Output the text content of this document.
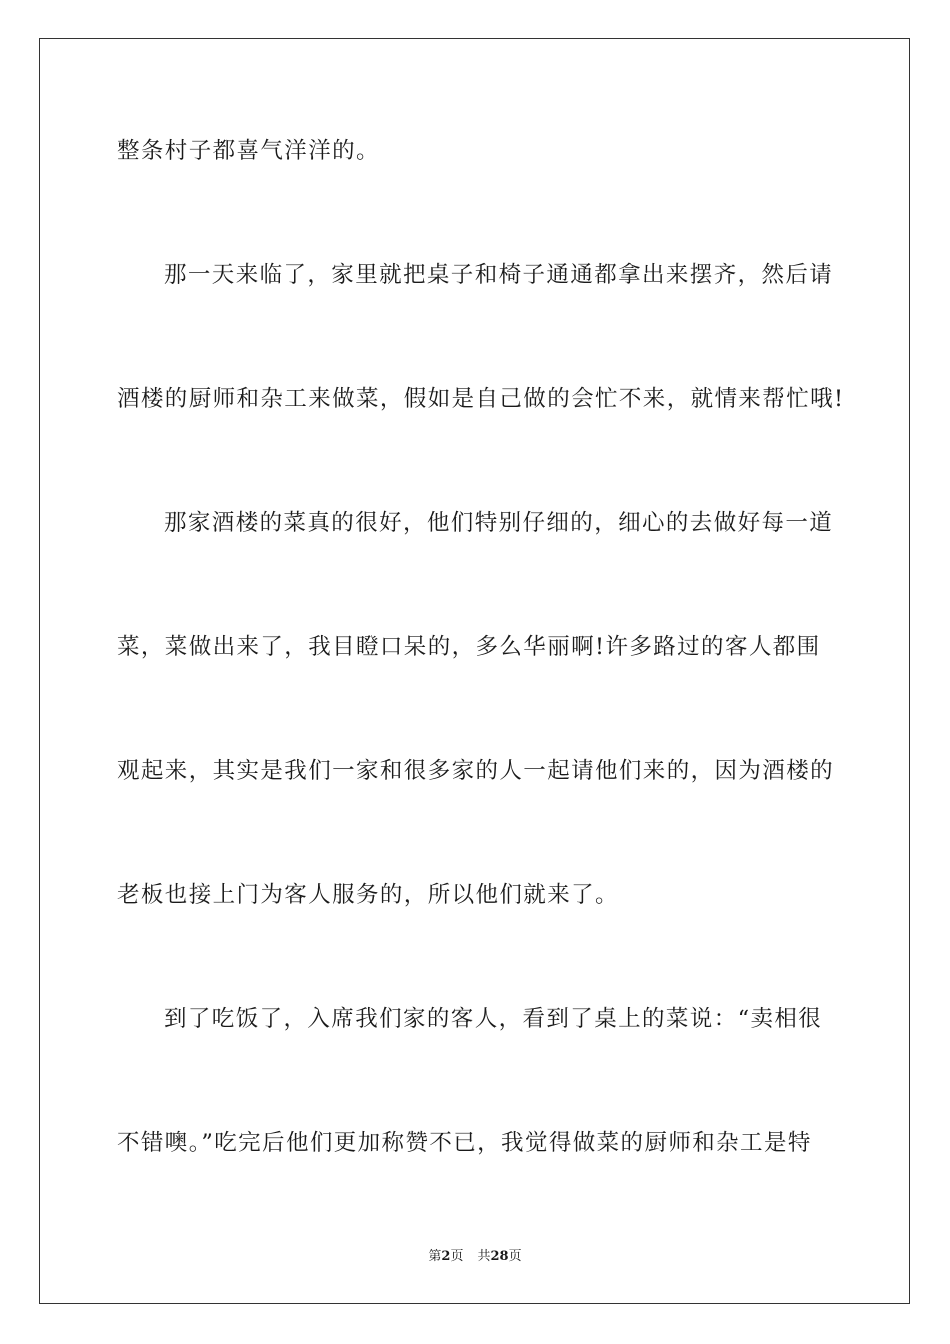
整条村子都喜气洋洋的。
那一天来临了，家里就把桌子和椅子通通都拿出来摆齐，然后请
酒楼的厨师和杂工来做菜，假如是自己做的会忙不来，就情来帮忙哦!
那家酒楼的菜真的很好，他们特别仔细的，细心的去做好每一道
菜，菜做出来了，我目瞪口呆的，多么华丽啊!许多路过的客人都围
观起来，其实是我们一家和很多家的人一起请他们来的，因为酒楼的
老板也接上门为客人服务的，所以他们就来了。
到了吃饭了，入席我们家的客人，看到了桌上的菜说：“卖相很
不错噢。”吃完后他们更加称赞不已，我觉得做菜的厨师和杂工是特
第2页 共28页
